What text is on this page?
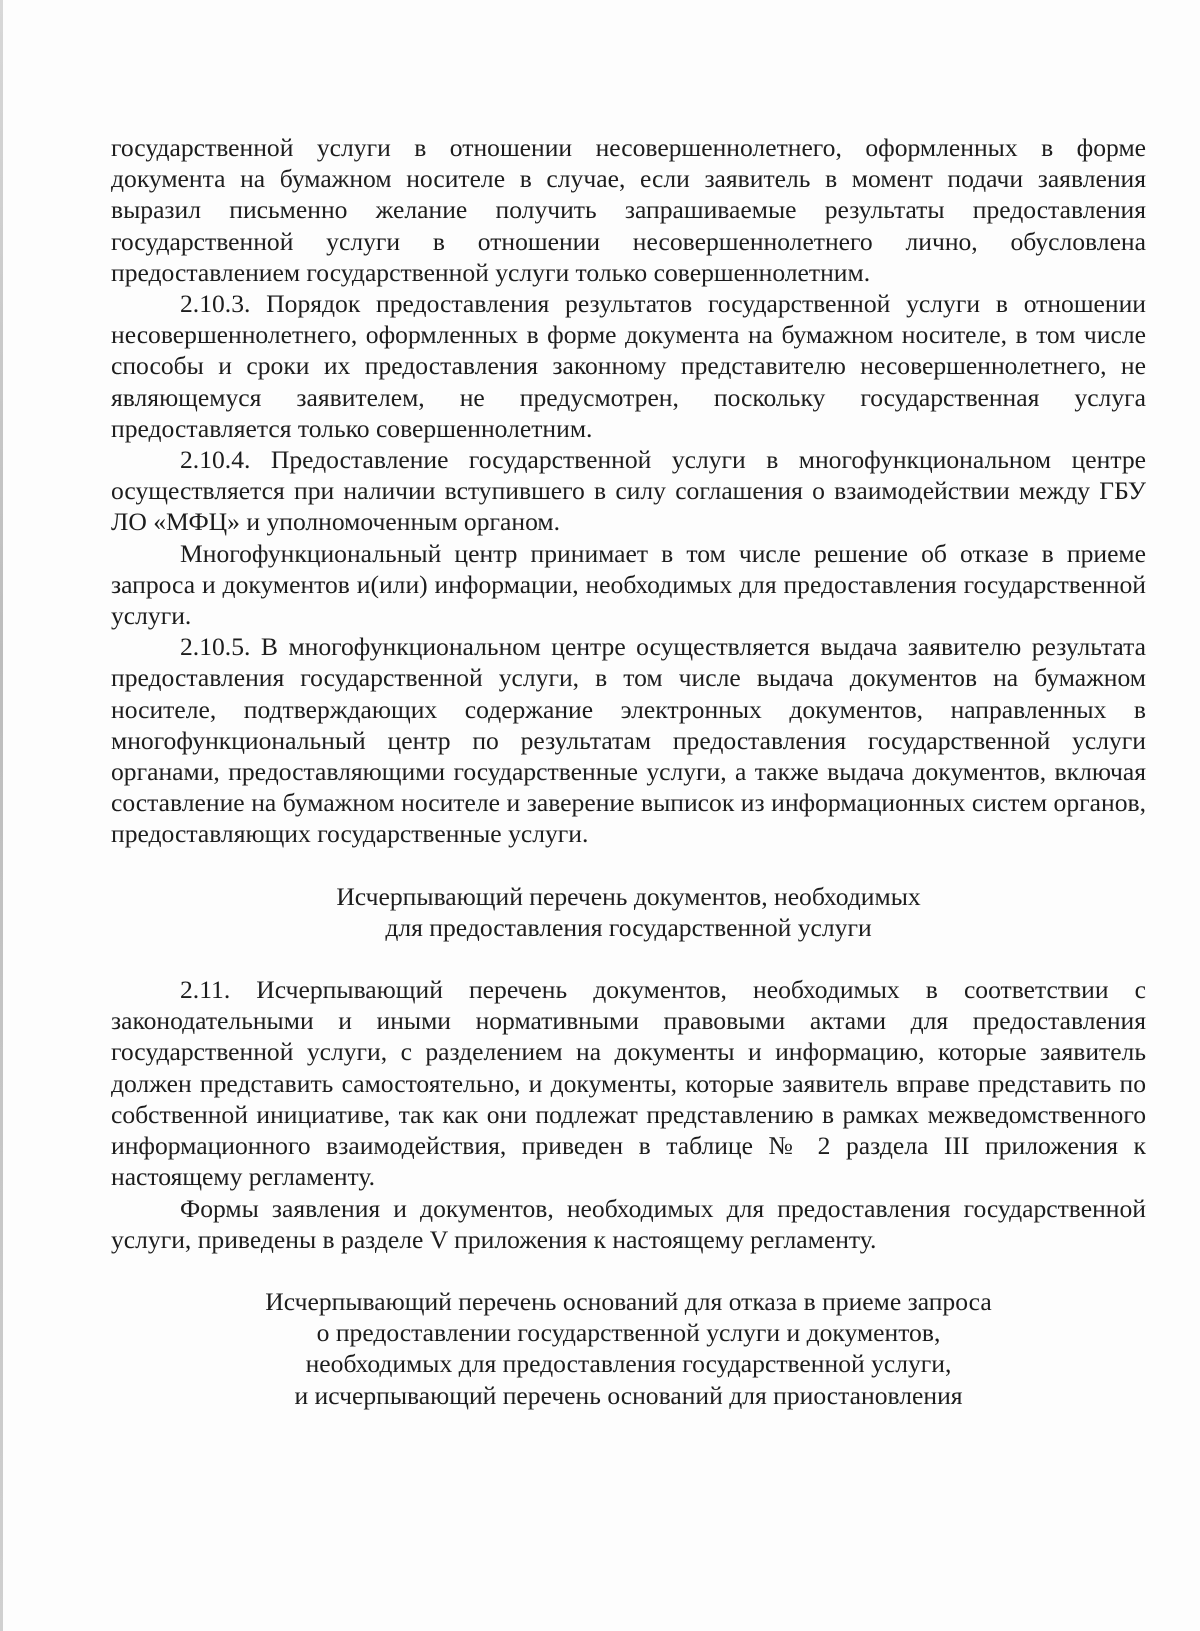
государственной услуги в отношении несовершеннолетнего, оформленных в форме документа на бумажном носителе в случае, если заявитель в момент подачи заявления выразил письменно желание получить запрашиваемые результаты предоставления государственной услуги в отношении несовершеннолетнего лично, обусловлена предоставлением государственной услуги только совершеннолетним.

2.10.3. Порядок предоставления результатов государственной услуги в отношении несовершеннолетнего, оформленных в форме документа на бумажном носителе, в том числе способы и сроки их предоставления законному представителю несовершеннолетнего, не являющемуся заявителем, не предусмотрен, поскольку государственная услуга предоставляется только совершеннолетним.

2.10.4. Предоставление государственной услуги в многофункциональном центре осуществляется при наличии вступившего в силу соглашения о взаимодействии между ГБУ ЛО «МФЦ» и уполномоченным органом.

Многофункциональный центр принимает в том числе решение об отказе в приеме запроса и документов и(или) информации, необходимых для предоставления государственной услуги.

2.10.5. В многофункциональном центре осуществляется выдача заявителю результата предоставления государственной услуги, в том числе выдача документов на бумажном носителе, подтверждающих содержание электронных документов, направленных в многофункциональный центр по результатам предоставления государственной услуги органами, предоставляющими государственные услуги, а также выдача документов, включая составление на бумажном носителе и заверение выписок из информационных систем органов, предоставляющих государственные услуги.

Исчерпывающий перечень документов, необходимых
для предоставления государственной услуги

2.11. Исчерпывающий перечень документов, необходимых в соответствии с законодательными и иными нормативными правовыми актами для предоставления государственной услуги, с разделением на документы и информацию, которые заявитель должен представить самостоятельно, и документы, которые заявитель вправе представить по собственной инициативе, так как они подлежат представлению в рамках межведомственного информационного взаимодействия, приведен в таблице № 2 раздела III приложения к настоящему регламенту.

Формы заявления и документов, необходимых для предоставления государственной услуги, приведены в разделе V приложения к настоящему регламенту.

Исчерпывающий перечень оснований для отказа в приеме запроса
о предоставлении государственной услуги и документов,
необходимых для предоставления государственной услуги,
и исчерпывающий перечень оснований для приостановления
